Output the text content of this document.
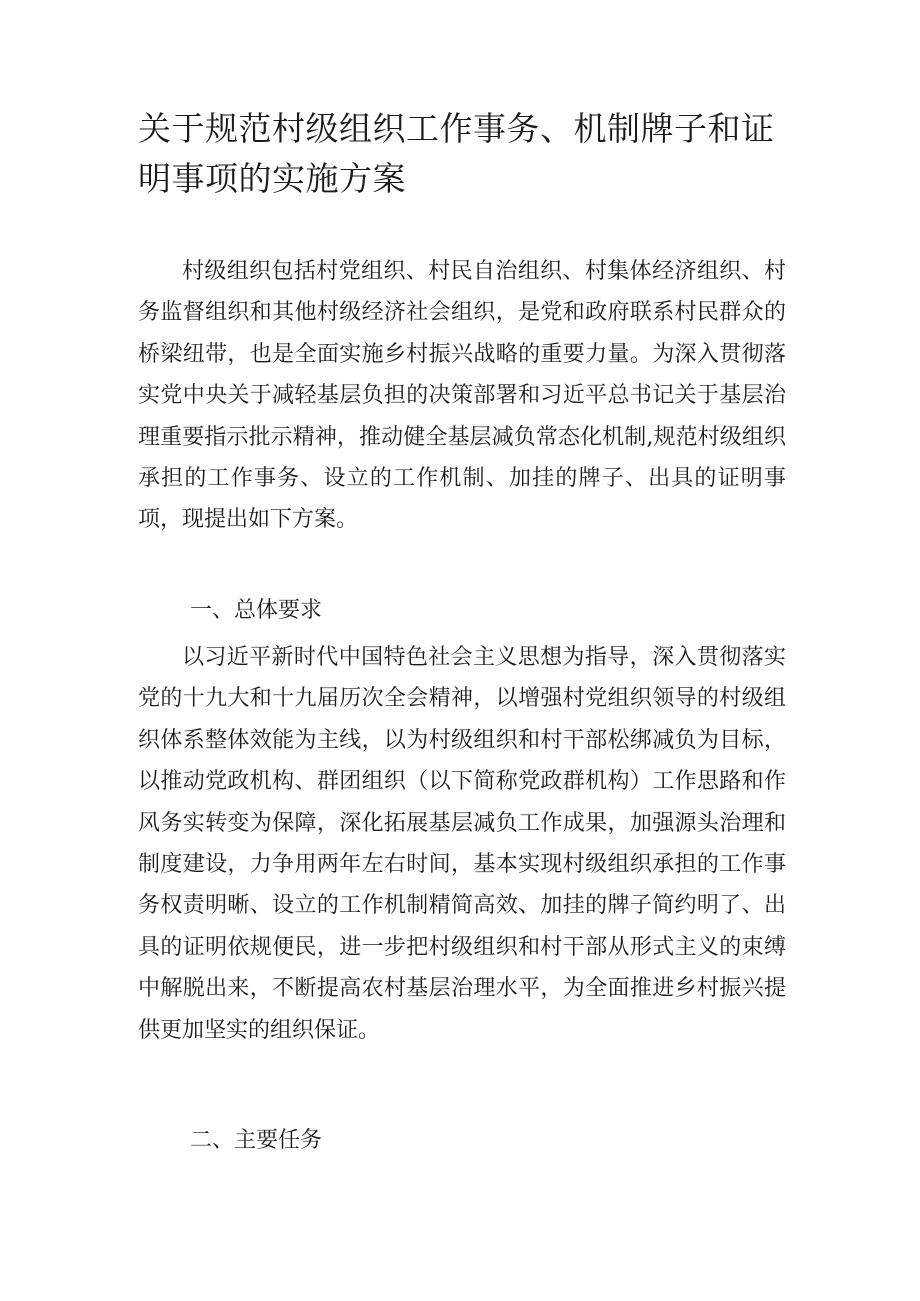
关于规范村级组织工作事务、机制牌子和证明事项的实施方案

村级组织包括村党组织、村民自治组织、村集体经济组织、村务监督组织和其他村级经济社会组织，是党和政府联系村民群众的桥梁纽带，也是全面实施乡村振兴战略的重要力量。为深入贯彻落实党中央关于减轻基层负担的决策部署和习近平总书记关于基层治理重要指示批示精神，推动健全基层减负常态化机制,规范村级组织承担的工作事务、设立的工作机制、加挂的牌子、出具的证明事项，现提出如下方案。

一、总体要求

以习近平新时代中国特色社会主义思想为指导，深入贯彻落实党的十九大和十九届历次全会精神，以增强村党组织领导的村级组织体系整体效能为主线，以为村级组织和村干部松绑减负为目标，以推动党政机构、群团组织（以下简称党政群机构）工作思路和作风务实转变为保障，深化拓展基层减负工作成果，加强源头治理和制度建设，力争用两年左右时间，基本实现村级组织承担的工作事务权责明晰、设立的工作机制精简高效、加挂的牌子简约明了、出具的证明依规便民，进一步把村级组织和村干部从形式主义的束缚中解脱出来，不断提高农村基层治理水平，为全面推进乡村振兴提供更加坚实的组织保证。

二、主要任务
